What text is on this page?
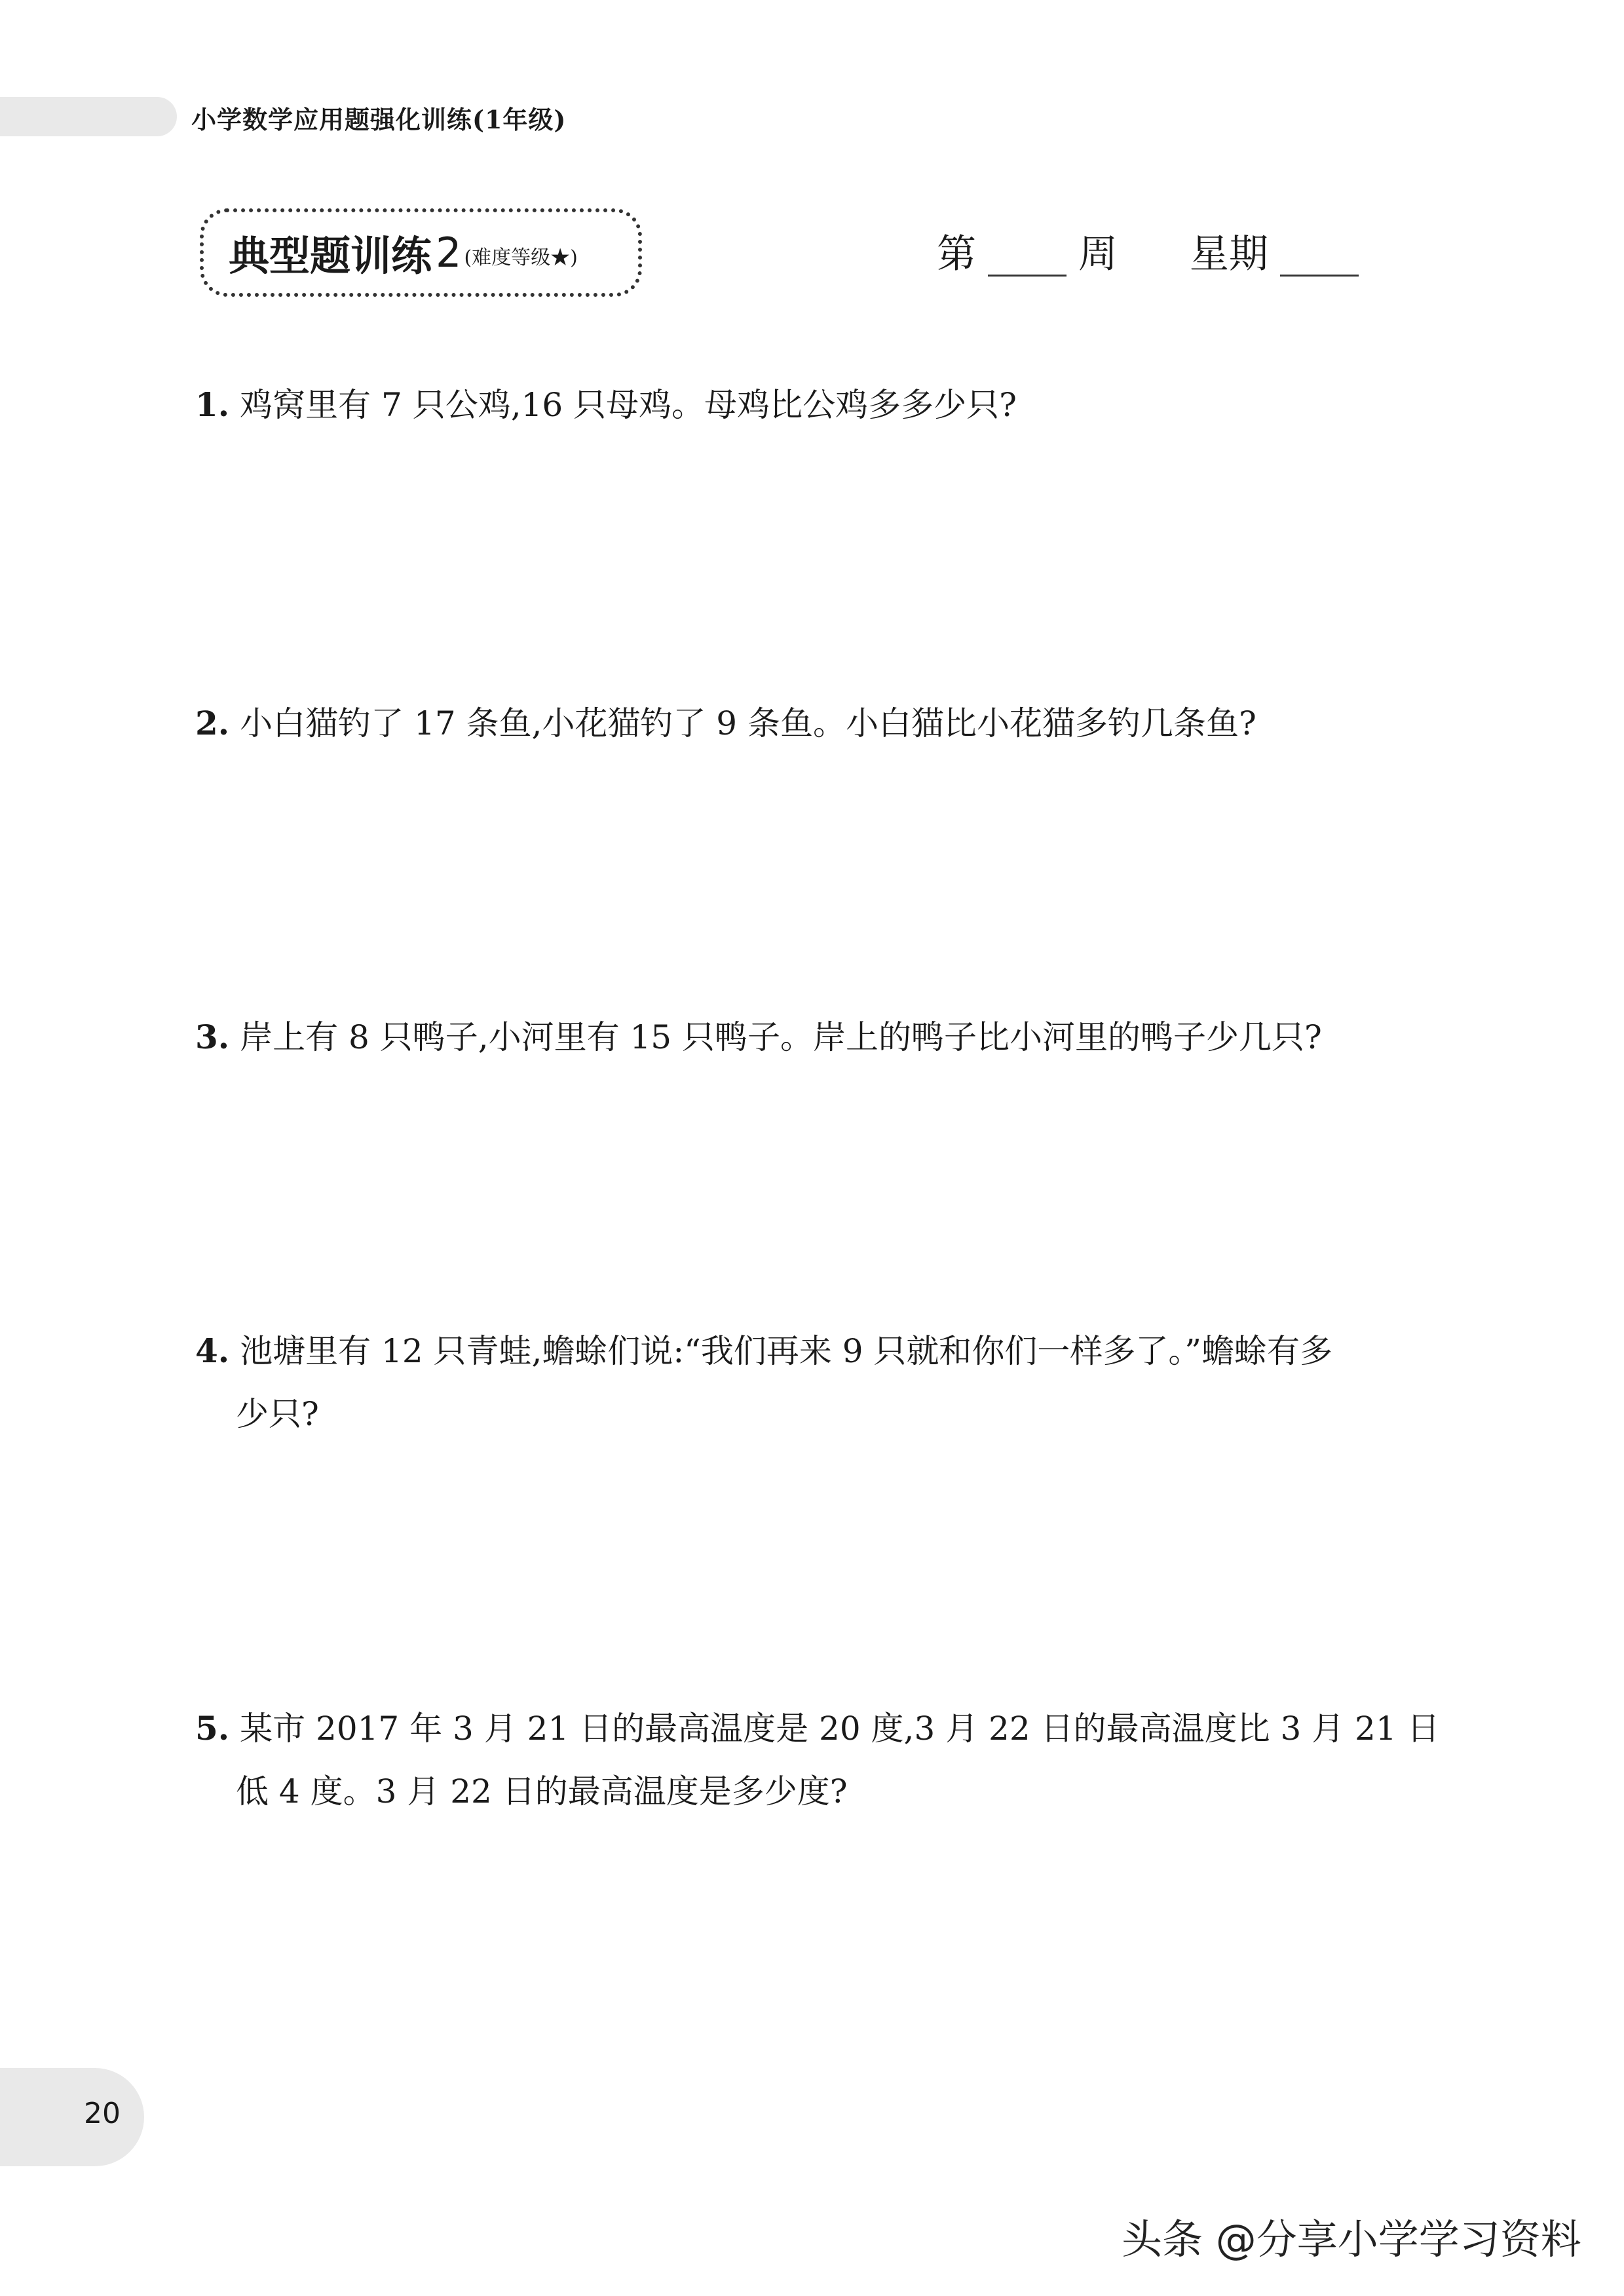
小学数学应用题强化训练(1年级)
典型题训练 2 (难度等级★)	第	周 星期
1. 鸡窝里有 7 只公鸡,16 只母鸡。母鸡比公鸡多多少只?
2. 小白猫钓了 17 条鱼,小花猫钓了 9 条鱼。小白猫比小花猫多钓几条鱼?
3. 岸上有 8 只鸭子,小河里有 15 只鸭子。岸上的鸭子比小河里的鸭子少几只?
4. 池塘里有 12 只青蛙,蟾蜍们说:“我们再来 9 只就和你们一样多了。”蟾蜍有多
少只?
5. 某市 2017 年 3 月 21 日的最高温度是 20 度,3 月 22 日的最高温度比 3 月 21 日
低 4 度。3 月 22 日的最高温度是多少度?
20
头条 @分享小学学习资料
